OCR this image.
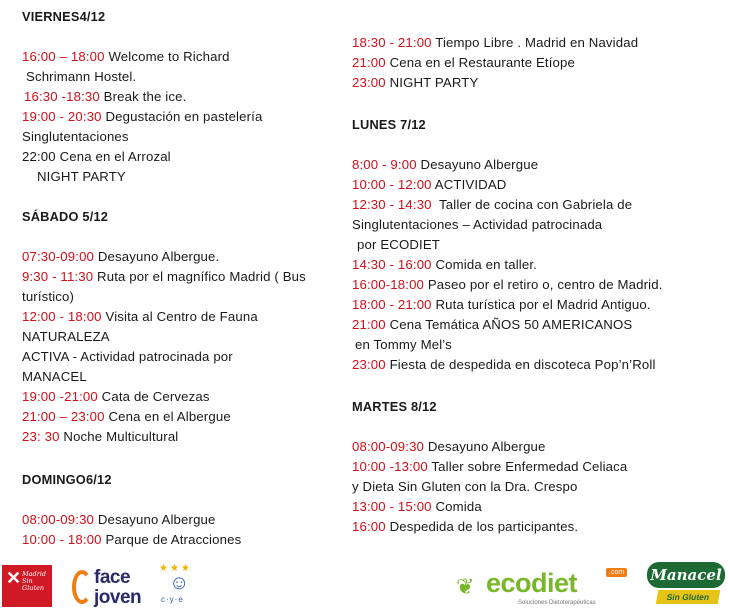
VIERNES4/12
16:00 – 18:00 Welcome to Richard
Schrimann Hostel.
16:30 -18:30 Break the ice.
19:00 - 20:30 Degustación en pastelería
Singlutentaciones
22:00 Cena en el Arrozal
NIGHT PARTY
SÁBADO 5/12
07:30-09:00 Desayuno Albergue.
9:30 - 11:30 Ruta por el magnífico Madrid ( Bus
turístico)
12:00 - 18:00 Visita al Centro de Fauna
NATURALEZA
ACTIVA - Actividad patrocinada por
MANACEL
19:00 -21:00 Cata de Cervezas
21:00 – 23:00 Cena en el Albergue
23: 30 Noche Multicultural
DOMINGO6/12
08:00-09:30 Desayuno Albergue
10:00 - 18:00 Parque de Atracciones
18:30 - 21:00 Tiempo Libre . Madrid en Navidad
21:00 Cena en el Restaurante Etíope
23:00 NIGHT PARTY
LUNES 7/12
8:00 - 9:00 Desayuno Albergue
10:00 - 12:00 ACTIVIDAD
12:30 - 14:30  Taller de cocina con Gabriela de
Singlutentaciones – Actividad patrocinada
por ECODIET
14:30 - 16:00 Comida en taller.
16:00-18:00 Paseo por el retiro o, centro de Madrid.
18:00 - 21:00 Ruta turística por el Madrid Antiguo.
21:00 Cena Temática AÑOS 50 AMERICANOS
en Tommy Mel’s
23:00 Fiesta de despedida en discoteca Pop’n’Roll
MARTES 8/12
08:00-09:30 Desayuno Albergue
10:00 -13:00 Taller sobre Enfermedad Celiaca
y Dieta Sin Gluten con la Dra. Crespo
13:00 - 15:00 Comida
16:00 Despedida de los participantes.
✕ Madrid Sin Gluten	face
joven
★★★
☺
c·y·e
❦ ecodiet	.com
Soluciones Dietoterapéuticas
Manacel
Sin Gluten
